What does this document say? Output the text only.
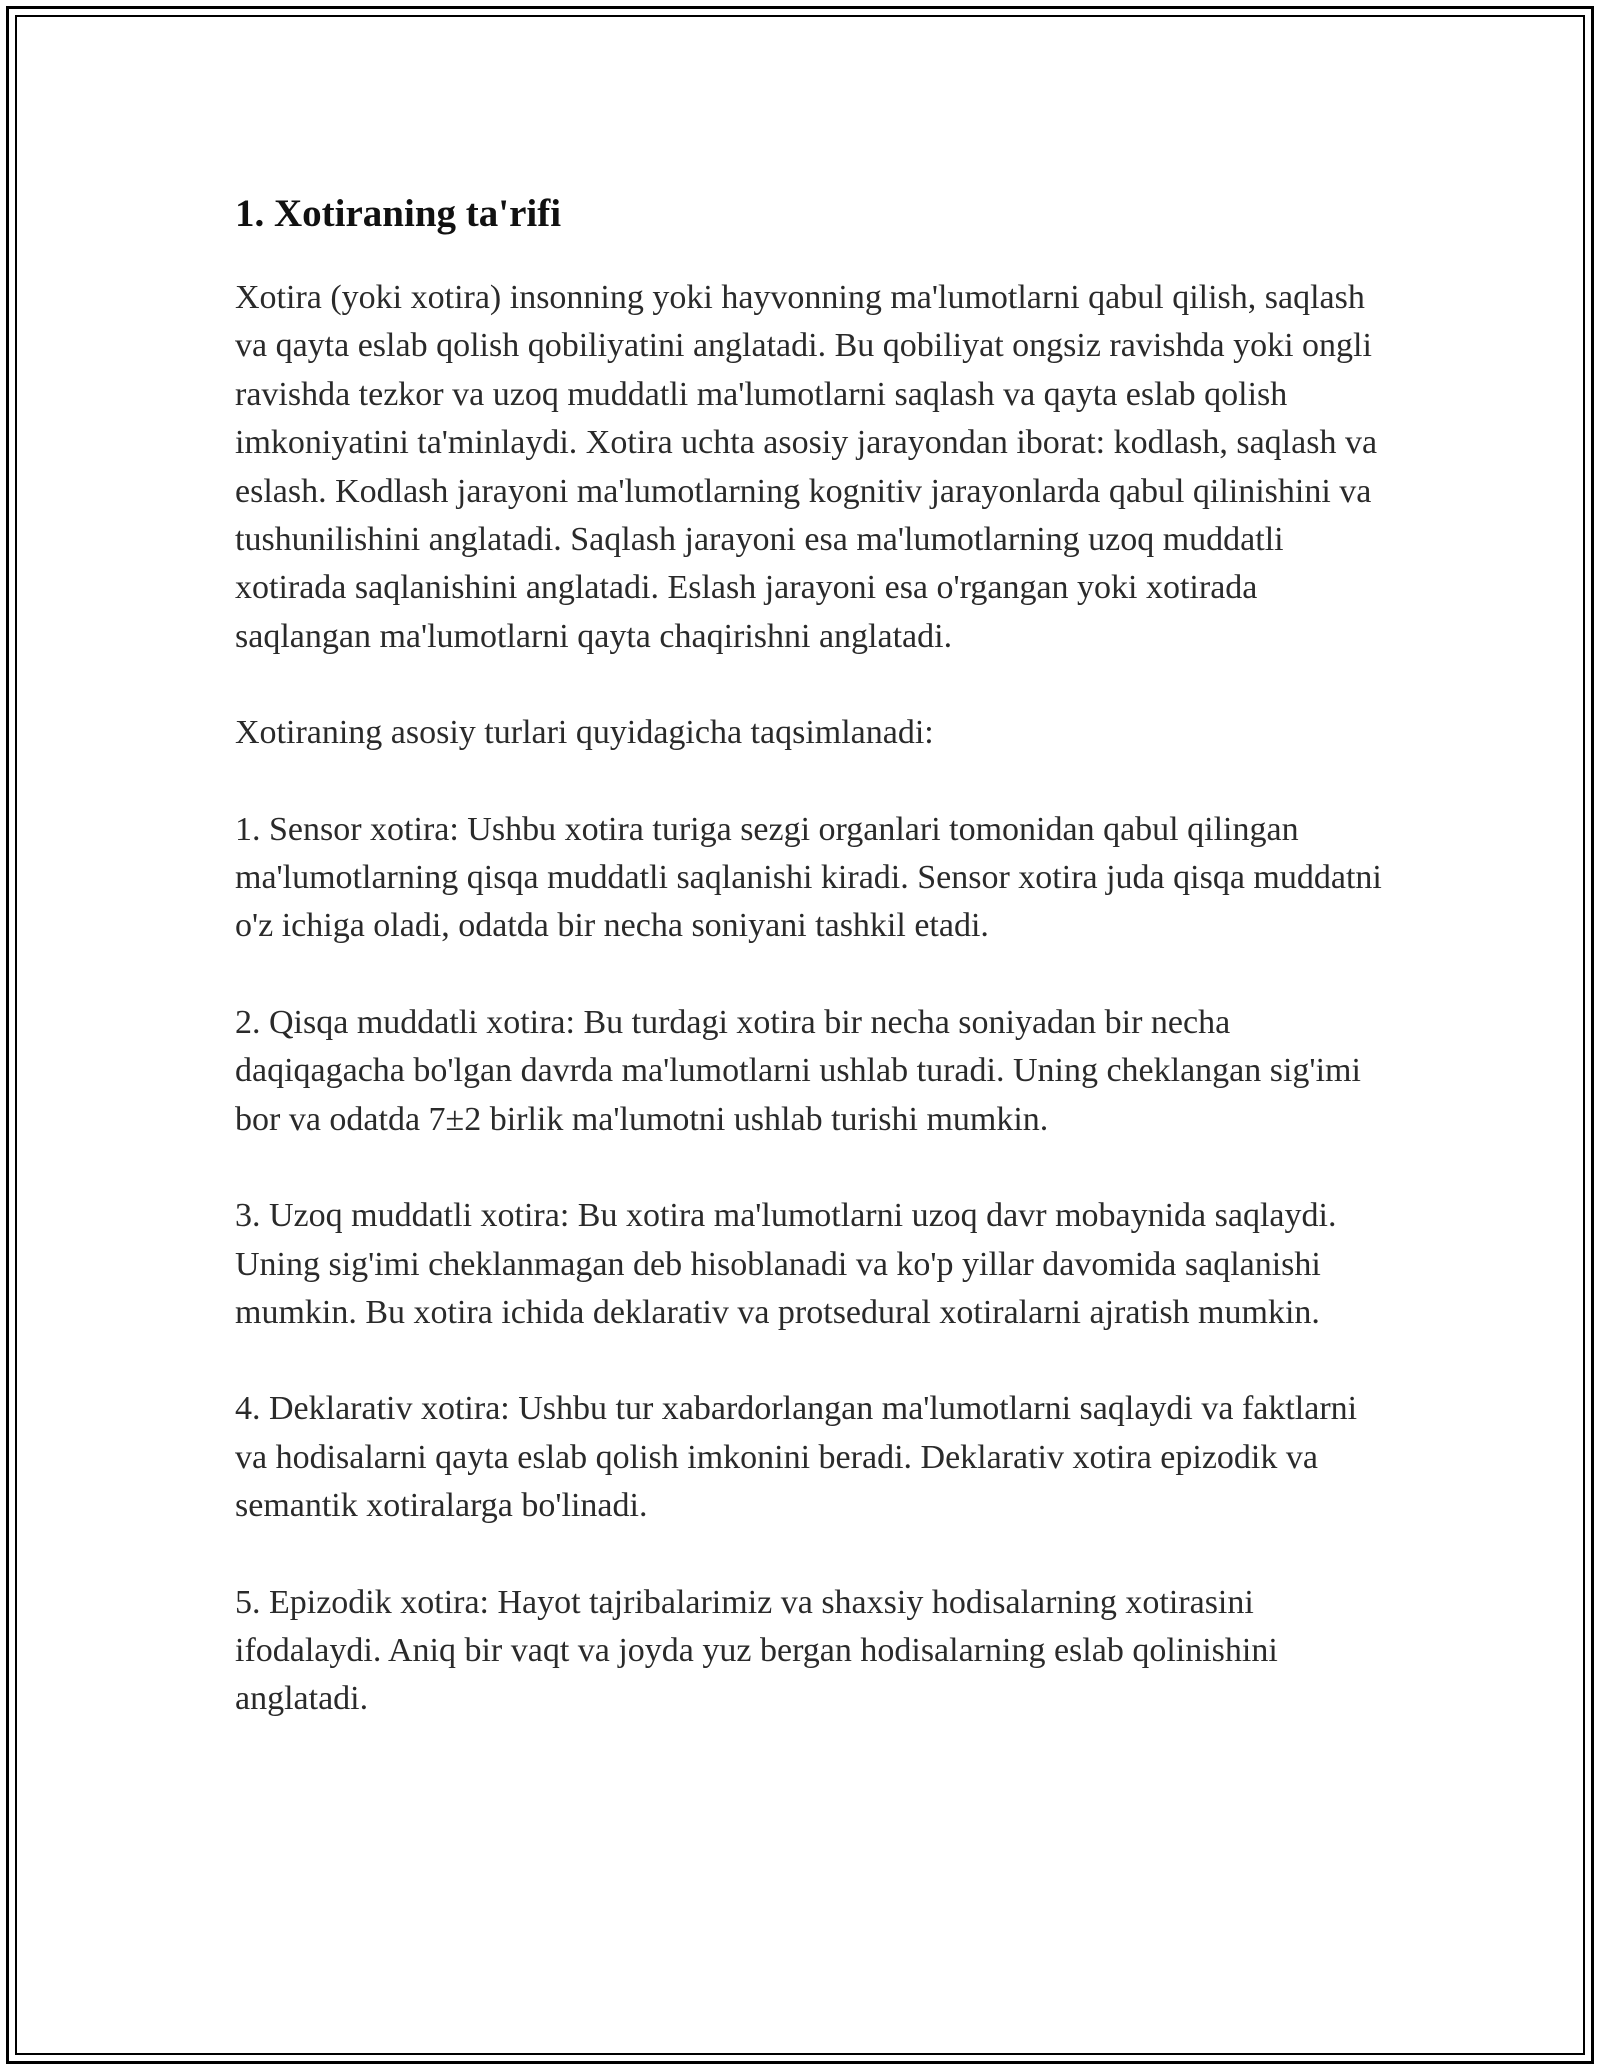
1. Xotiraning ta'rifi

Xotira (yoki xotira) insonning yoki hayvonning ma'lumotlarni qabul qilish, saqlash va qayta eslab qolish qobiliyatini anglatadi. Bu qobiliyat ongsiz ravishda yoki ongli ravishda tezkor va uzoq muddatli ma'lumotlarni saqlash va qayta eslab qolish imkoniyatini ta'minlaydi. Xotira uchta asosiy jarayondan iborat: kodlash, saqlash va eslash. Kodlash jarayoni ma'lumotlarning kognitiv jarayonlarda qabul qilinishini va tushunilishini anglatadi. Saqlash jarayoni esa ma'lumotlarning uzoq muddatli xotirada saqlanishini anglatadi. Eslash jarayoni esa o'rgangan yoki xotirada saqlangan ma'lumotlarni qayta chaqirishni anglatadi.

Xotiraning asosiy turlari quyidagicha taqsimlanadi:

1. Sensor xotira: Ushbu xotira turiga sezgi organlari tomonidan qabul qilingan ma'lumotlarning qisqa muddatli saqlanishi kiradi. Sensor xotira juda qisqa muddatni o'z ichiga oladi, odatda bir necha soniyani tashkil etadi.

2. Qisqa muddatli xotira: Bu turdagi xotira bir necha soniyadan bir necha daqiqagacha bo'lgan davrda ma'lumotlarni ushlab turadi. Uning cheklangan sig'imi bor va odatda 7±2 birlik ma'lumotni ushlab turishi mumkin.

3. Uzoq muddatli xotira: Bu xotira ma'lumotlarni uzoq davr mobaynida saqlaydi. Uning sig'imi cheklanmagan deb hisoblanadi va ko'p yillar davomida saqlanishi mumkin. Bu xotira ichida deklarativ va protsedural xotiralarni ajratish mumkin.

4. Deklarativ xotira: Ushbu tur xabardorlangan ma'lumotlarni saqlaydi va faktlarni va hodisalarni qayta eslab qolish imkonini beradi. Deklarativ xotira epizodik va semantik xotiralarga bo'linadi.

5. Epizodik xotira: Hayot tajribalarimiz va shaxsiy hodisalarning xotirasini ifodalaydi. Aniq bir vaqt va joyda yuz bergan hodisalarning eslab qolinishini anglatadi.
